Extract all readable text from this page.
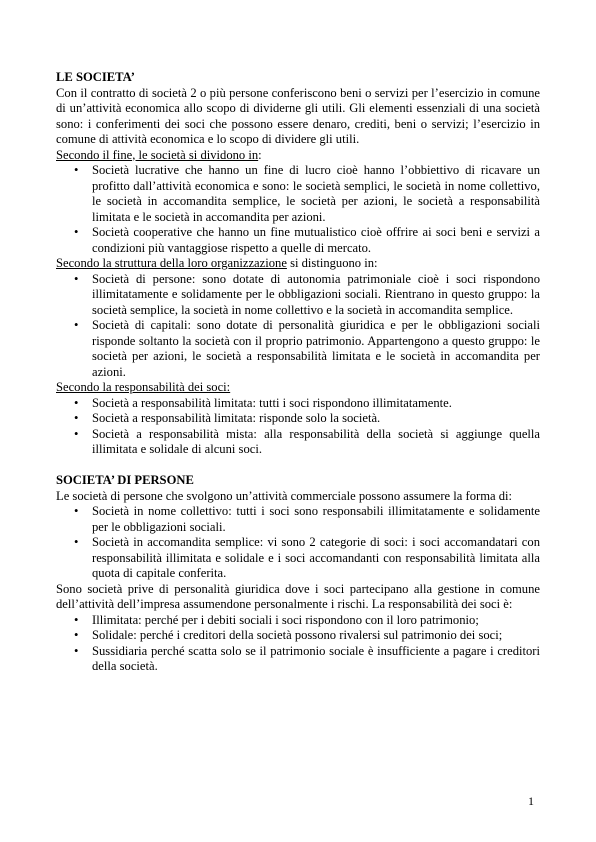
LE SOCIETA’

Con il contratto di società 2 o più persone conferiscono beni o servizi per l’esercizio in comune di un’attività economica allo scopo di dividerne gli utili. Gli elementi essenziali di una società sono: i conferimenti dei soci che possono essere denaro, crediti, beni o servizi; l’esercizio in comune di attività economica e lo scopo di dividere gli utili.

Secondo il fine, le società si dividono in:

•	Società lucrative che hanno un fine di lucro cioè hanno l’obbiettivo di ricavare un profitto dall’attività economica e sono: le società semplici, le società in nome collettivo, le società in accomandita semplice, le società per azioni, le società a responsabilità limitata e le società in accomandita per azioni.
•	Società cooperative che hanno un fine mutualistico cioè offrire ai soci beni e servizi a condizioni più vantaggiose rispetto a quelle di mercato.

Secondo la struttura della loro organizzazione si distinguono in:

•	Società di persone: sono dotate di autonomia patrimoniale cioè i soci rispondono illimitatamente e solidamente per le obbligazioni sociali. Rientrano in questo gruppo: la società semplice, la società in nome collettivo e la società in accomandita semplice.
•	Società di capitali: sono dotate di personalità giuridica e per le obbligazioni sociali risponde soltanto la società con il proprio patrimonio. Appartengono a questo gruppo: le società per azioni, le società a responsabilità limitata e le società in accomandita per azioni.

Secondo la responsabilità dei soci:

•	Società a responsabilità limitata: tutti i soci rispondono illimitatamente.
•	Società a responsabilità limitata: risponde solo la società.
•	Società a responsabilità mista: alla responsabilità della società si aggiunge quella illimitata e solidale di alcuni soci.

SOCIETA’ DI PERSONE

Le società di persone che svolgono un’attività commerciale possono assumere la forma di:

•	Società in nome collettivo: tutti i soci sono responsabili illimitatamente e solidamente per le obbligazioni sociali.
•	Società in accomandita semplice: vi sono 2 categorie di soci: i soci accomandatari con responsabilità illimitata e solidale e i soci accomandanti con responsabilità limitata alla quota di capitale conferita.

Sono società prive di personalità giuridica dove i soci partecipano alla gestione in comune dell’attività dell’impresa assumendone personalmente i rischi. La responsabilità dei soci è:

•	Illimitata: perché per i debiti sociali i soci rispondono con il loro patrimonio;
•	Solidale: perché i creditori della società possono rivalersi sul patrimonio dei soci;
•	Sussidiaria perché scatta solo se il patrimonio sociale è insufficiente a pagare i creditori della società.
1
